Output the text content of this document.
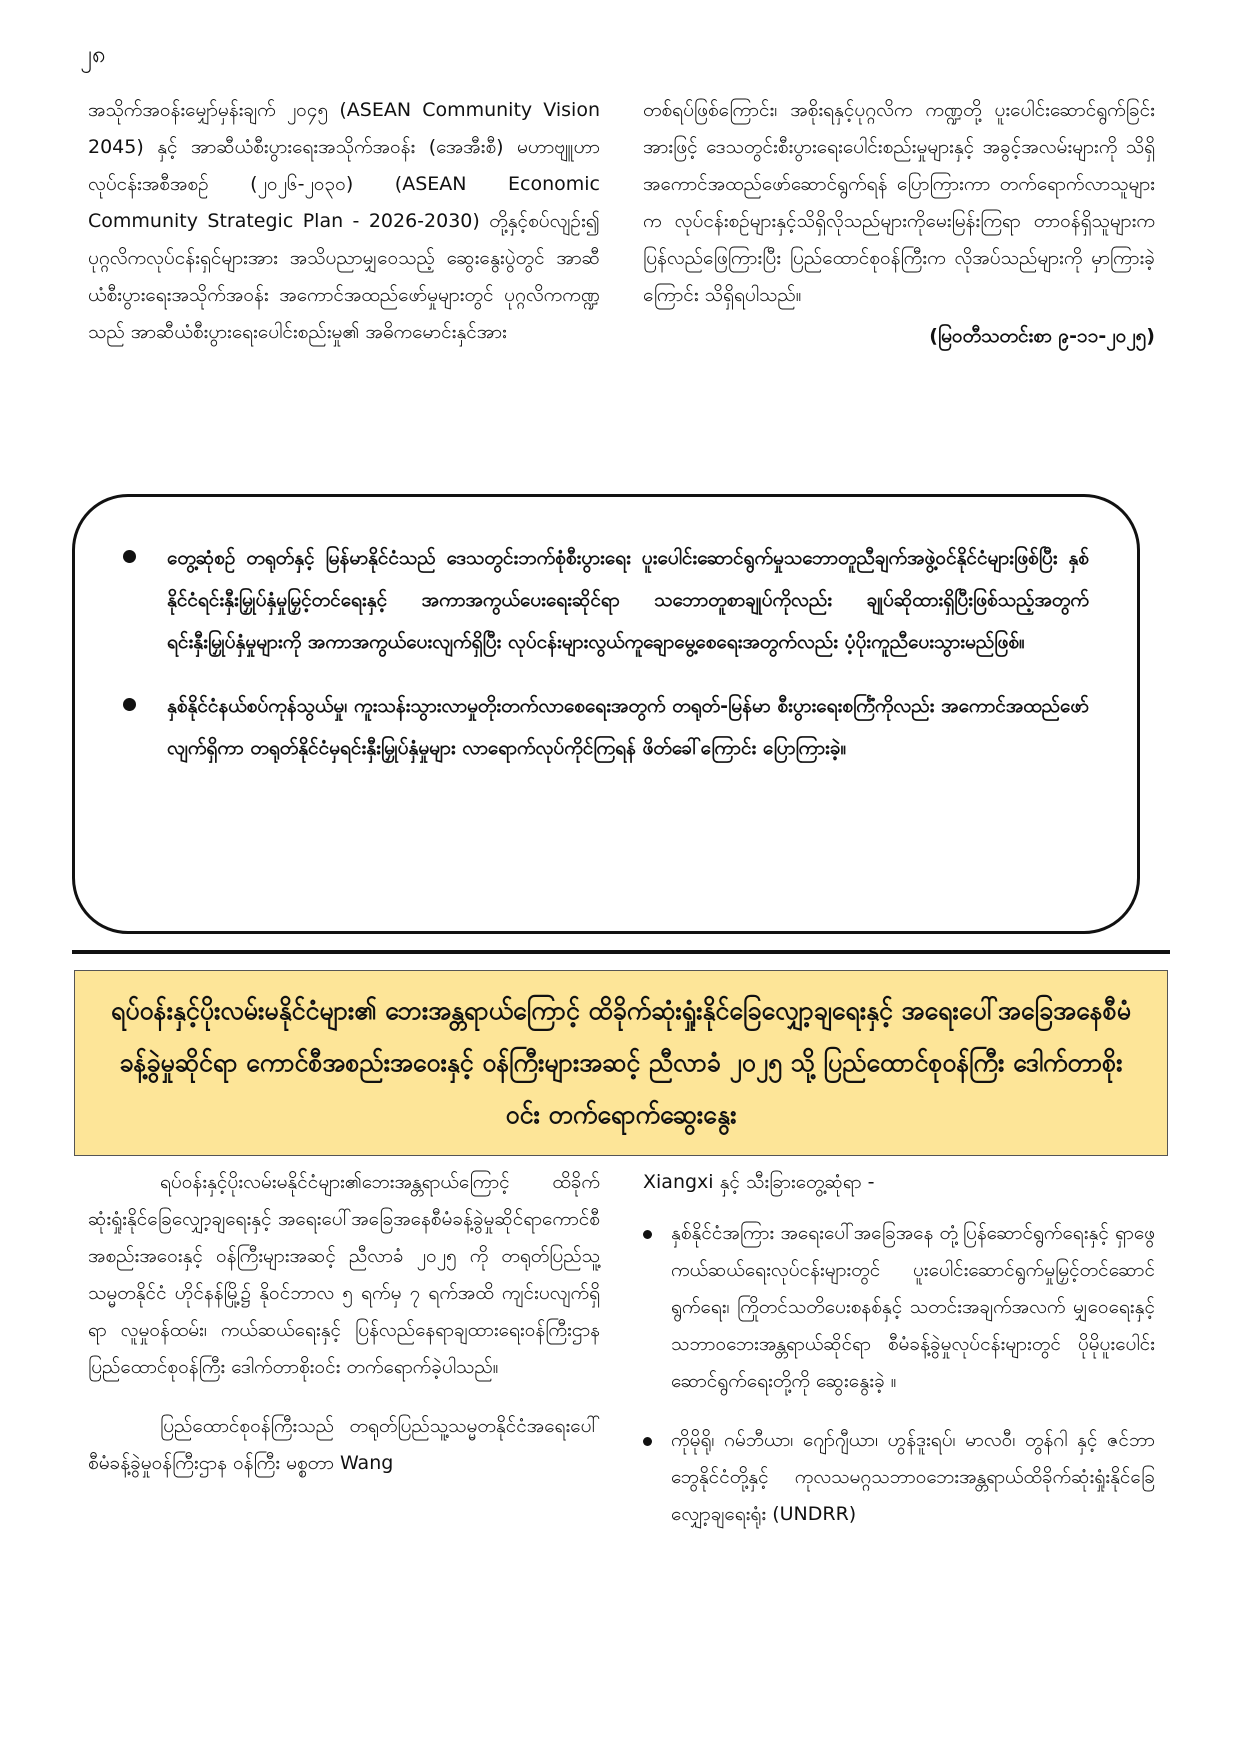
၂၈

အသိုက်အဝန်းမျှော်မှန်းချက် ၂၀၄၅ (ASEAN Community Vision 2045) နှင့် အာဆီယံစီးပွားရေးအသိုက်အဝန်း (အေအီးစီ) မဟာဗျူဟာလုပ်ငန်းအစီအစဉ် (၂၀၂၆-၂၀၃၀) (ASEAN Economic Community Strategic Plan - 2026-2030) တို့နှင့်စပ်လျဉ်း၍ ပုဂ္ဂလိကလုပ်ငန်းရှင်များအား အသိပညာမျှဝေသည့် ဆွေးနွေးပွဲတွင် အာဆီယံစီးပွားရေးအသိုက်အဝန်း အကောင်အထည်ဖော်မှုများတွင် ပုဂ္ဂလိကကဏ္ဍသည် အာဆီယံစီးပွားရေးပေါင်းစည်းမှု၏ အဓိကမောင်းနှင်အား

တစ်ရပ်ဖြစ်ကြောင်း၊ အစိုးရနှင့်ပုဂ္ဂလိက ကဏ္ဍတို့ ပူးပေါင်းဆောင်ရွက်ခြင်းအားဖြင့် ဒေသတွင်းစီးပွားရေးပေါင်းစည်းမှုများနှင့် အခွင့်အလမ်းများကို သိရှိအကောင်အထည်ဖော်ဆောင်ရွက်ရန် ပြောကြားကာ တက်ရောက်လာသူများက လုပ်ငန်းစဉ်များနှင့်သိရှိလိုသည်များကိုမေးမြန်းကြရာ တာဝန်ရှိသူများက ပြန်လည်ဖြေကြားပြီး ပြည်ထောင်စုဝန်ကြီးက လိုအပ်သည်များကို မှာကြားခဲ့ကြောင်း သိရှိရပါသည်။

(မြဝတီသတင်းစာ ၉-၁၁-၂၀၂၅)

တွေ့ဆုံစဉ် တရုတ်နှင့် မြန်မာနိုင်ငံသည် ဒေသတွင်းဘက်စုံစီးပွားရေး ပူးပေါင်းဆောင်ရွက်မှုသဘောတူညီချက်အဖွဲ့ဝင်နိုင်ငံများဖြစ်ပြီး နှစ်နိုင်ငံရင်းနှီးမြှုပ်နှံမှုမြှင့်တင်ရေးနှင့် အကာအကွယ်ပေးရေးဆိုင်ရာ သဘောတူစာချုပ်ကိုလည်း ချုပ်ဆိုထားရှိပြီးဖြစ်သည့်အတွက် ရင်းနှီးမြှုပ်နှံမှုများကို အကာအကွယ်ပေးလျက်ရှိပြီး လုပ်ငန်းများလွယ်ကူချောမွေ့စေရေးအတွက်လည်း ပံ့ပိုးကူညီပေးသွားမည်ဖြစ်။
နှစ်နိုင်ငံနယ်စပ်ကုန်သွယ်မှု၊ ကူးသန်းသွားလာမှုတိုးတက်လာစေရေးအတွက် တရုတ်-မြန်မာ စီးပွားရေးစင်္ကြံကိုလည်း အကောင်အထည်ဖော်လျက်ရှိကာ တရုတ်နိုင်ငံမှရင်းနှီးမြှုပ်နှံမှုများ လာရောက်လုပ်ကိုင်ကြရန် ဖိတ်ခေါ်ကြောင်း ပြောကြားခဲ့။
ရပ်ဝန်းနှင့်ပိုးလမ်းမနိုင်ငံများ၏ ဘေးအန္တရာယ်ကြောင့် ထိခိုက်ဆုံးရှုံးနိုင်ခြေလျှော့ချရေးနှင့် အရေးပေါ်အခြေအနေစီမံခန့်ခွဲမှုဆိုင်ရာ ကောင်စီအစည်းအဝေးနှင့် ဝန်ကြီးများအဆင့် ညီလာခံ ၂၀၂၅ သို့ ပြည်ထောင်စုဝန်ကြီး ဒေါက်တာစိုးဝင်း တက်ရောက်ဆွေးနွေး

ရပ်ဝန်းနှင့်ပိုးလမ်းမနိုင်ငံများ၏ဘေးအန္တရာယ်ကြောင့် ထိခိုက်ဆုံးရှုံးနိုင်ခြေလျှော့ချရေးနှင့် အရေးပေါ်အခြေအနေစီမံခန့်ခွဲမှုဆိုင်ရာကောင်စီအစည်းအဝေးနှင့် ဝန်ကြီးများအဆင့် ညီလာခံ ၂၀၂၅ ကို တရုတ်ပြည်သူ့သမ္မတနိုင်ငံ ဟိုင်နန်မြို့၌ နိုဝင်ဘာလ ၅ ရက်မှ ၇ ရက်အထိ ကျင်းပလျက်ရှိရာ လူမှုဝန်ထမ်း၊ ကယ်ဆယ်ရေးနှင့် ပြန်လည်နေရာချထားရေးဝန်ကြီးဌာန ပြည်ထောင်စုဝန်ကြီး ဒေါက်တာစိုးဝင်း တက်ရောက်ခဲ့ပါသည်။

ပြည်ထောင်စုဝန်ကြီးသည် တရုတ်ပြည်သူ့သမ္မတနိုင်ငံအရေးပေါ်စီမံခန့်ခွဲမှုဝန်ကြီးဌာန ဝန်ကြီး မစ္စတာ Wang

Xiangxi နှင့် သီးခြားတွေ့ဆုံရာ -

နှစ်နိုင်ငံအကြား အရေးပေါ်အခြေအနေ တုံ့ပြန်ဆောင်ရွက်ရေးနှင့် ရှာဖွေကယ်ဆယ်ရေးလုပ်ငန်းများတွင် ပူးပေါင်းဆောင်ရွက်မှုမြှင့်တင်ဆောင်ရွက်ရေး၊ ကြိုတင်သတိပေးစနစ်နှင့် သတင်းအချက်အလက် မျှဝေရေးနှင့် သဘာဝဘေးအန္တရာယ်ဆိုင်ရာ စီမံခန့်ခွဲမှုလုပ်ငန်းများတွင် ပိုမိုပူးပေါင်းဆောင်ရွက်ရေးတို့ကို ဆွေးနွေးခဲ့ ။
ကိုမိုရို၊ ဂမ်ဘီယာ၊ ဂျော်ဂျီယာ၊ ဟွန်ဒူးရပ်၊ မာလဝီ၊ တွန်ဂါ နှင့် ဇင်ဘာဘွေနိုင်ငံတို့နှင့် ကုလသမဂ္ဂသဘာဝဘေးအန္တရာယ်ထိခိုက်ဆုံးရှုံးနိုင်ခြေလျှော့ချရေးရုံး (UNDRR)
